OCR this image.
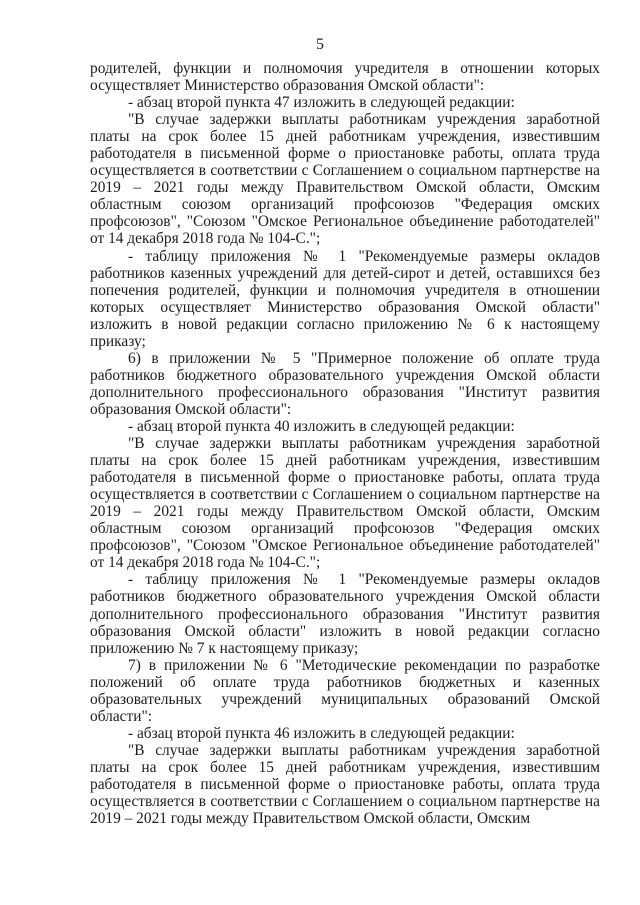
5

родителей, функции и полномочия учредителя в отношении которых осуществляет Министерство образования Омской области":

- абзац второй пункта 47 изложить в следующей редакции:

"В случае задержки выплаты работникам учреждения заработной платы на срок более 15 дней работникам учреждения, известившим работодателя в письменной форме о приостановке работы, оплата труда осуществляется в соответствии с Соглашением о социальном партнерстве на 2019 – 2021 годы между Правительством Омской области, Омским областным союзом организаций профсоюзов "Федерация омских профсоюзов", "Союзом "Омское Региональное объединение работодателей" от 14 декабря 2018 года № 104-С.";

- таблицу приложения № 1 "Рекомендуемые размеры окладов работников казенных учреждений для детей-сирот и детей, оставшихся без попечения родителей, функции и полномочия учредителя в отношении которых осуществляет Министерство образования Омской области" изложить в новой редакции согласно приложению № 6 к настоящему приказу;

6) в приложении № 5 "Примерное положение об оплате труда работников бюджетного образовательного учреждения Омской области дополнительного профессионального образования "Институт развития образования Омской области":

- абзац второй пункта 40 изложить в следующей редакции:

"В случае задержки выплаты работникам учреждения заработной платы на срок более 15 дней работникам учреждения, известившим работодателя в письменной форме о приостановке работы, оплата труда осуществляется в соответствии с Соглашением о социальном партнерстве на 2019 – 2021 годы между Правительством Омской области, Омским областным союзом организаций профсоюзов "Федерация омских профсоюзов", "Союзом "Омское Региональное объединение работодателей" от 14 декабря 2018 года № 104-С.";

- таблицу приложения № 1 "Рекомендуемые размеры окладов работников бюджетного образовательного учреждения Омской области дополнительного профессионального образования "Институт развития образования Омской области" изложить в новой редакции согласно приложению № 7 к настоящему приказу;

7) в приложении № 6 "Методические рекомендации по разработке положений об оплате труда работников бюджетных и казенных образовательных учреждений муниципальных образований Омской области":

- абзац второй пункта 46 изложить в следующей редакции:

"В случае задержки выплаты работникам учреждения заработной платы на срок более 15 дней работникам учреждения, известившим работодателя в письменной форме о приостановке работы, оплата труда осуществляется в соответствии с Соглашением о социальном партнерстве на 2019 – 2021 годы между Правительством Омской области, Омским
